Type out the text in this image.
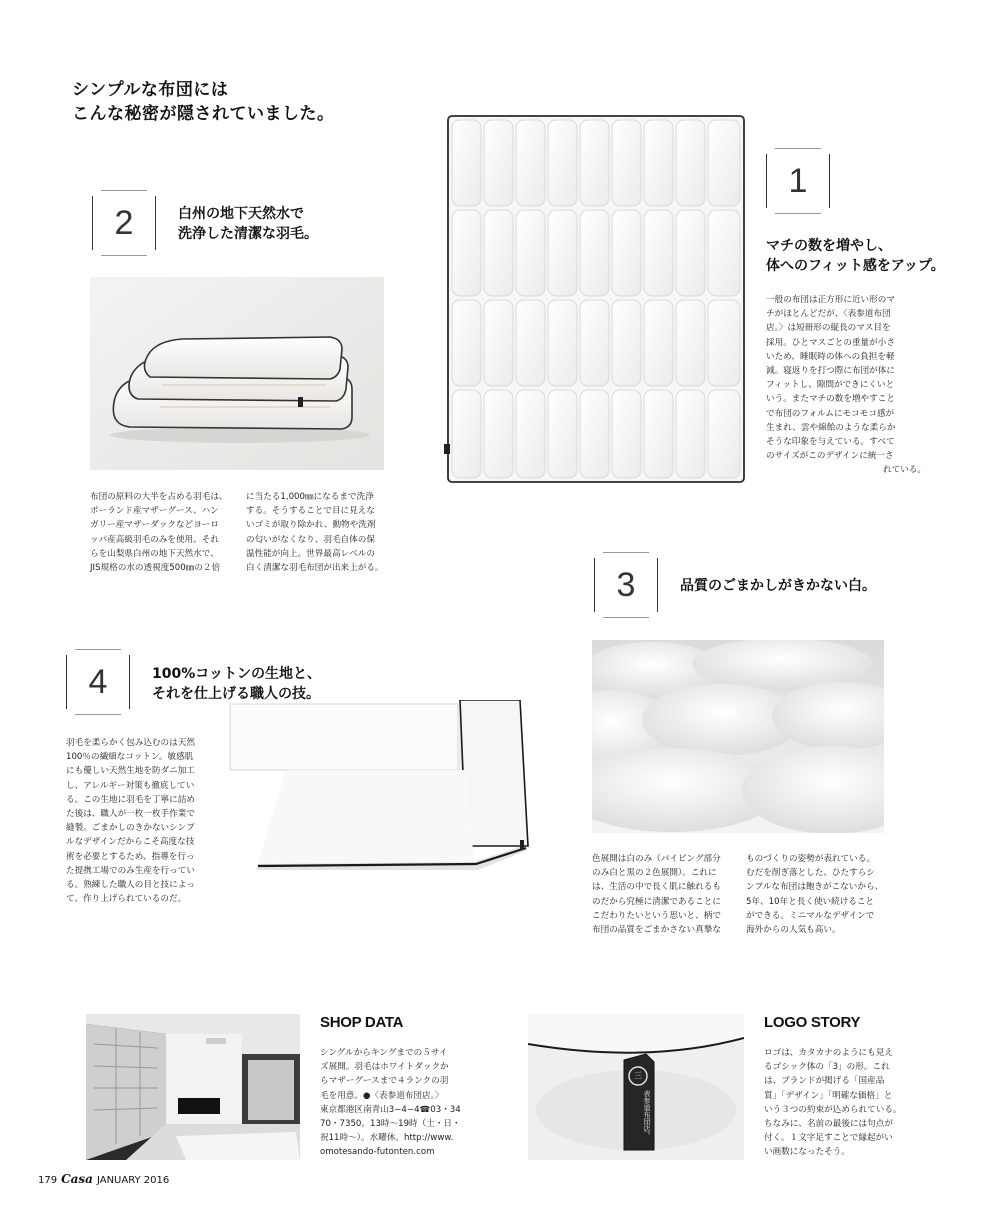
シンプルな布団には
こんな秘密が隠されていました。
2	白州の地下天然水で
洗浄した清潔な羽毛。
布団の原料の大半を占める羽毛は、
ポーランド産マザーグース、ハン
ガリー産マザーダックなどヨーロ
ッパ産高級羽毛のみを使用。それ
らを山梨県白州の地下天然水で、
JIS規格の水の透視度500㎜の２倍
に当たる1,000㎜になるまで洗浄
する。そうすることで目に見えな
いゴミが取り除かれ、動物や洗剤
の匂いがなくなり、羽毛自体の保
温性能が向上。世界最高レベルの
白く清潔な羽毛布団が出来上がる。
1
マチの数を増やし、
体へのフィット感をアップ。
一般の布団は正方形に近い形のマ
チがほとんどだが、〈表参道布団
店。〉は短冊形の縦長のマス目を
採用。ひとマスごとの重量が小さ
いため、睡眠時の体への負担を軽
減。寝返りを打つ際に布団が体に
フィットし、隙間ができにくいと
いう。またマチの数を増やすこと
で布団のフォルムにモコモコ感が
生まれ、雲や綿飴のような柔らか
そうな印象を与えている。すべて
のサイズがこのデザインに統一さ
れている。
3	品質のごまかしがきかない白。
色展開は白のみ（パイピング部分
のみ白と黒の２色展開）。これに
は、生活の中で長く肌に触れるも
のだから究極に清潔であることに
こだわりたいという思いと、柄で
布団の品質をごまかさない真摯な
ものづくりの姿勢が表れている。
むだを削ぎ落とした、ひたすらシ
ンプルな布団は飽きがこないから、
5年、10年と長く使い続けること
ができる。ミニマルなデザインで
海外からの人気も高い。
4	100%コットンの生地と、
それを仕上げる職人の技。
羽毛を柔らかく包み込むのは天然
100％の繊細なコットン。敏感肌
にも優しい天然生地を防ダニ加工
し、アレルギー対策も徹底してい
る。この生地に羽毛を丁寧に詰め
た後は、職人が一枚一枚手作業で
縫製。ごまかしのきかないシンプ
ルなデザインだからこそ高度な技
術を必要とするため、指導を行っ
た提携工場でのみ生産を行ってい
る。熟練した職人の目と技によっ
て、作り上げられているのだ。
SHOP DATA
シングルからキングまでの５サイ
ズ展開。羽毛はホワイトダックか
らマザーグースまで４ランクの羽
毛を用意。●〈表参道布団店。〉
東京都港区南青山3−4−4☎03・34
70・7350。13時〜19時（土・日・
祝11時〜）。水曜休。http://www.
omotesando-futonten.com
三
表参道布団店。
LOGO STORY
ロゴは、カタカナのようにも見え
るゴシック体の「3」の形。これ
は、ブランドが掲げる「国産品
質」「デザイン」「明確な価格」と
いう３つの約束が込められている。
ちなみに、名前の最後には句点が
付く。１文字足すことで縁起がい
い画数になったそう。
179 Casa JANUARY 2016
